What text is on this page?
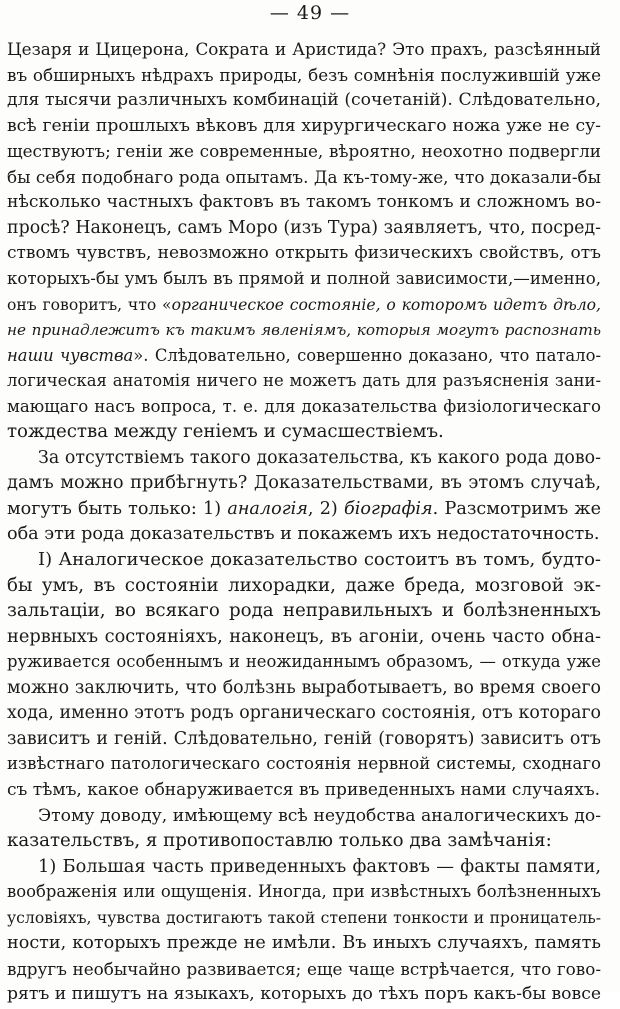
— 49 —
Цезаря и Цицерона, Сократа и Аристида? Это прахъ, разсѣянный
въ обширныхъ нѣдрахъ природы, безъ сомнѣнія послужившій уже
для тысячи различныхъ комбинацій (сочетаній). Слѣдовательно,
всѣ геніи прошлыхъ вѣковъ для хирургическаго ножа уже не су-
ществуютъ; геніи же современные, вѣроятно, неохотно подвергли
бы себя подобнаго рода опытамъ. Да къ-тому-же, что доказали-бы
нѣсколько частныхъ фактовъ въ такомъ тонкомъ и сложномъ во-
просѣ? Наконецъ, самъ Моро (изъ Тура) заявляетъ, что, посред-
ствомъ чувствъ, невозможно открыть физическихъ свойствъ, отъ
которыхъ-бы умъ былъ въ прямой и полной зависимости,—именно,
онъ говоритъ, что «органическое состояніе, о которомъ идетъ дѣло,
не принадлежитъ къ такимъ явленіямъ, которыя могутъ распознать
наши чувства». Слѣдовательно, совершенно доказано, что патало-
логическая анатомія ничего не можетъ дать для разъясненія зани-
мающаго насъ вопроса, т. е. для доказательства физіологическаго
тождества между геніемъ и сумасшествіемъ.
За отсутствіемъ такого доказательства, къ какого рода дово-
дамъ можно прибѣгнуть? Доказательствами, въ этомъ случаѣ,
могутъ быть только: 1) аналогія, 2) біографія. Разсмотримъ же
оба эти рода доказательствъ и покажемъ ихъ недостаточность.
I) Аналогическое доказательство состоитъ въ томъ, будто-
бы умъ, въ состояніи лихорадки, даже бреда, мозговой эк-
зальтаціи, во всякаго рода неправильныхъ и болѣзненныхъ
нервныхъ состояніяхъ, наконецъ, въ агоніи, очень часто обна-
руживается особеннымъ и неожиданнымъ образомъ, — откуда уже
можно заключить, что болѣзнь выработываетъ, во время своего
хода, именно этотъ родъ органическаго состоянія, отъ котораго
зависитъ и геній. Слѣдовательно, геній (говорятъ) зависитъ отъ
извѣстнаго патологическаго состоянія нервной системы, сходнаго
съ тѣмъ, какое обнаруживается въ приведенныхъ нами случаяхъ.
Этому доводу, имѣющему всѣ неудобства аналогическихъ до-
казательствъ, я противопоставлю только два замѣчанія:
1) Большая часть приведенныхъ фактовъ — факты памяти,
воображенія или ощущенія. Иногда, при извѣстныхъ болѣзненныхъ
условіяхъ, чувства достигаютъ такой степени тонкости и проницатель-
ности, которыхъ прежде не имѣли. Въ иныхъ случаяхъ, память
вдругъ необычайно развивается; еще чаще встрѣчается, что гово-
рятъ и пишутъ на языкахъ, которыхъ до тѣхъ поръ какъ-бы вовсе
